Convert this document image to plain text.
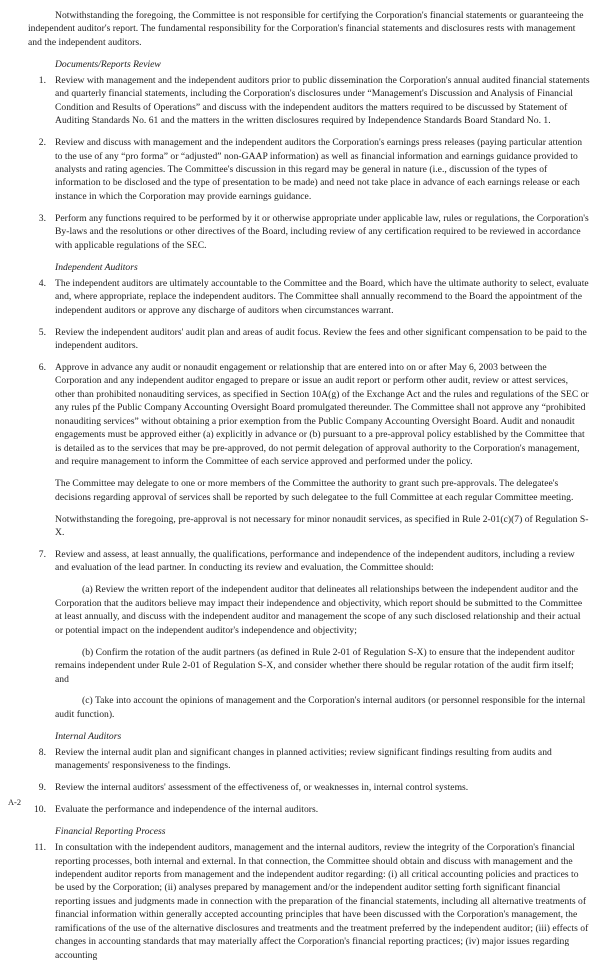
Notwithstanding the foregoing, the Committee is not responsible for certifying the Corporation's financial statements or guaranteeing the independent auditor's report. The fundamental responsibility for the Corporation's financial statements and disclosures rests with management and the independent auditors.

Documents/Reports Review
1. Review with management and the independent auditors prior to public dissemination the Corporation's annual audited financial statements and quarterly financial statements, including the Corporation's disclosures under “Management's Discussion and Analysis of Financial Condition and Results of Operations” and discuss with the independent auditors the matters required to be discussed by Statement of Auditing Standards No. 61 and the matters in the written disclosures required by Independence Standards Board Standard No. 1.

2. Review and discuss with management and the independent auditors the Corporation's earnings press releases (paying particular attention to the use of any “pro forma” or “adjusted” non-GAAP information) as well as financial information and earnings guidance provided to analysts and rating agencies. The Committee's discussion in this regard may be general in nature (i.e., discussion of the types of information to be disclosed and the type of presentation to be made) and need not take place in advance of each earnings release or each instance in which the Corporation may provide earnings guidance.

3. Perform any functions required to be performed by it or otherwise appropriate under applicable law, rules or regulations, the Corporation's By-laws and the resolutions or other directives of the Board, including review of any certification required to be reviewed in accordance with applicable regulations of the SEC.

Independent Auditors
4. The independent auditors are ultimately accountable to the Committee and the Board, which have the ultimate authority to select, evaluate and, where appropriate, replace the independent auditors. The Committee shall annually recommend to the Board the appointment of the independent auditors or approve any discharge of auditors when circumstances warrant.

5. Review the independent auditors' audit plan and areas of audit focus. Review the fees and other significant compensation to be paid to the independent auditors.

6. Approve in advance any audit or nonaudit engagement or relationship that are entered into on or after May 6, 2003 between the Corporation and any independent auditor engaged to prepare or issue an audit report or perform other audit, review or attest services, other than prohibited nonauditing services, as specified in Section 10A(g) of the Exchange Act and the rules and regulations of the SEC or any rules pf the Public Company Accounting Oversight Board promulgated thereunder. The Committee shall not approve any “prohibited nonauditing services” without obtaining a prior exemption from the Public Company Accounting Oversight Board. Audit and nonaudit engagements must be approved either (a) explicitly in advance or (b) pursuant to a pre-approval policy established by the Committee that is detailed as to the services that may be pre-approved, do not permit delegation of approval authority to the Corporation's management, and require management to inform the Committee of each service approved and performed under the policy.

The Committee may delegate to one or more members of the Committee the authority to grant such pre-approvals. The delegatee's decisions regarding approval of services shall be reported by such delegatee to the full Committee at each regular Committee meeting.

Notwithstanding the foregoing, pre-approval is not necessary for minor nonaudit services, as specified in Rule 2-01(c)(7) of Regulation S-X.

7. Review and assess, at least annually, the qualifications, performance and independence of the independent auditors, including a review and evaluation of the lead partner. In conducting its review and evaluation, the Committee should:

(a) Review the written report of the independent auditor that delineates all relationships between the independent auditor and the Corporation that the auditors believe may impact their independence and objectivity, which report should be submitted to the Committee at least annually, and discuss with the independent auditor and management the scope of any such disclosed relationship and their actual or potential impact on the independent auditor's independence and objectivity;

(b) Confirm the rotation of the audit partners (as defined in Rule 2-01 of Regulation S-X) to ensure that the independent auditor remains independent under Rule 2-01 of Regulation S-X, and consider whether there should be regular rotation of the audit firm itself; and

(c) Take into account the opinions of management and the Corporation's internal auditors (or personnel responsible for the internal audit function).

Internal Auditors
8. Review the internal audit plan and significant changes in planned activities; review significant findings resulting from audits and managements' responsiveness to the findings.

9. Review the internal auditors' assessment of the effectiveness of, or weaknesses in, internal control systems.

10. Evaluate the performance and independence of the internal auditors.

Financial Reporting Process
11. In consultation with the independent auditors, management and the internal auditors, review the integrity of the Corporation's financial reporting processes, both internal and external. In that connection, the Committee should obtain and discuss with management and the independent auditor reports from management and the independent auditor regarding: (i) all critical accounting policies and practices to be used by the Corporation; (ii) analyses prepared by management and/or the independent auditor setting forth significant financial reporting issues and judgments made in connection with the preparation of the financial statements, including all alternative treatments of financial information within generally accepted accounting principles that have been discussed with the Corporation's management, the ramifications of the use of the alternative disclosures and treatments and the treatment preferred by the independent auditor; (iii) effects of changes in accounting standards that may materially affect the Corporation's financial reporting practices; (iv) major issues regarding accounting

A-2
